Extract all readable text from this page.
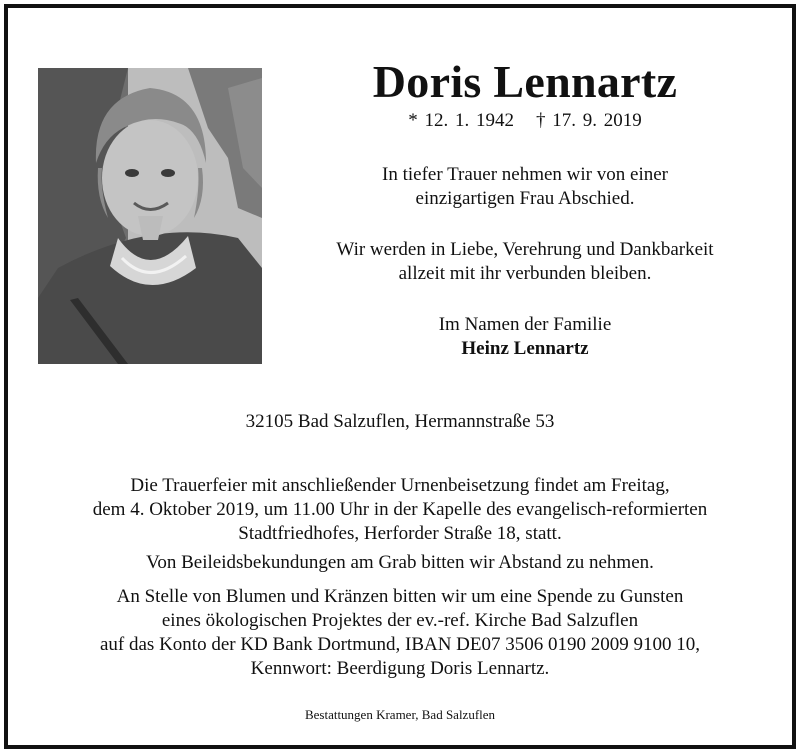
Doris Lennartz
* 12. 1. 1942 † 17. 9. 2019
In tiefer Trauer nehmen wir von einer
einzigartigen Frau Abschied.
Wir werden in Liebe, Verehrung und Dankbarkeit
allzeit mit ihr verbunden bleiben.
Im Namen der Familie
Heinz Lennartz
32105 Bad Salzuflen, Hermannstraße 53
Die Trauerfeier mit anschließender Urnenbeisetzung findet am Freitag,
dem 4. Oktober 2019, um 11.00 Uhr in der Kapelle des evangelisch-reformierten
Stadtfriedhofes, Herforder Straße 18, statt.
Von Beileidsbekundungen am Grab bitten wir Abstand zu nehmen.
An Stelle von Blumen und Kränzen bitten wir um eine Spende zu Gunsten
eines ökologischen Projektes der ev.-ref. Kirche Bad Salzuflen
auf das Konto der KD Bank Dortmund, IBAN DE07 3506 0190 2009 9100 10,
Kennwort: Beerdigung Doris Lennartz.
Bestattungen Kramer, Bad Salzuflen
